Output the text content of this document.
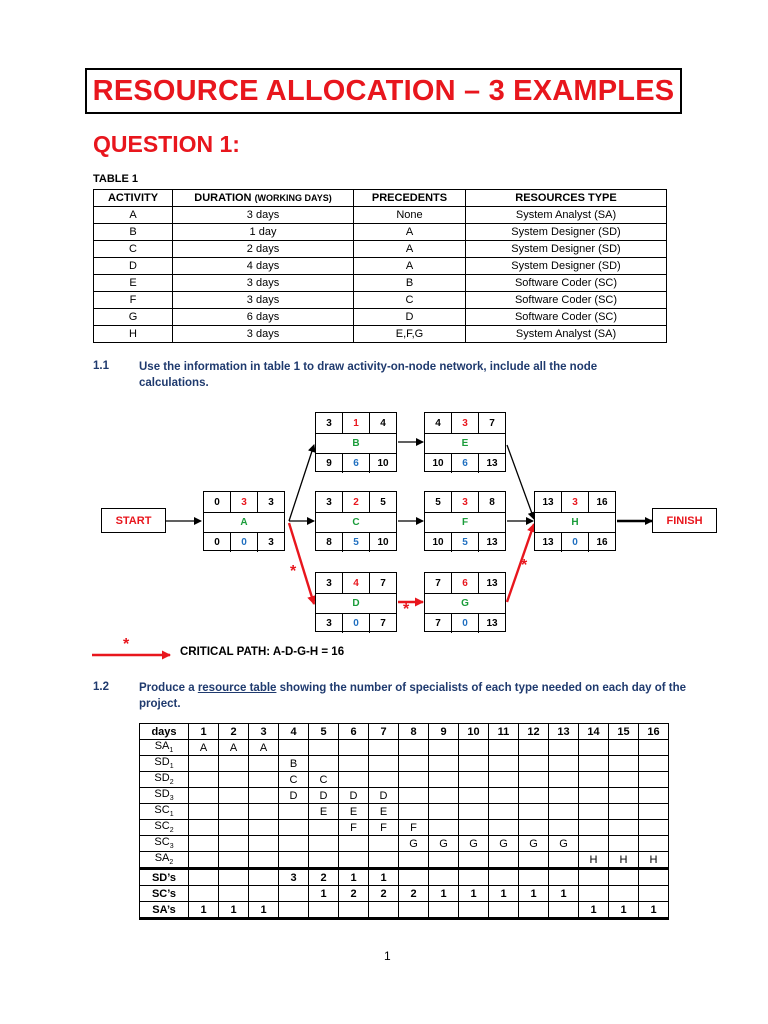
RESOURCE ALLOCATION – 3 EXAMPLES
QUESTION 1:
TABLE 1
ACTIVITY	DURATION (WORKING DAYS)	PRECEDENTS	RESOURCES TYPE
A	3 days	None	System Analyst (SA)
B	1 day	A	System Designer (SD)
C	2 days	A	System Designer (SD)
D	4 days	A	System Designer (SD)
E	3 days	B	Software Coder (SC)
F	3 days	C	Software Coder (SC)
G	6 days	D	Software Coder (SC)
H	3 days	E,F,G	System Analyst (SA)
1.1	Use the information in table 1 to draw activity-on-node network, include all the node calculations.
*
*
*
*
START	FINISH
0	3	3
A
0	0	3
3	1	4
B
9	6	10
3	2	5
C
8	5	10
3	4	7
D
3	0	7
4	3	7
E
10	6	13
5	3	8
F
10	5	13
7	6	13
G
7	0	13
13	3	16
H
13	0	16
CRITICAL PATH: A-D-G-H = 16
1.2	Produce a resource table showing the number of specialists of each type needed on each day of the project.
days	1	2	3	4	5	6	7	8	9	10	11	12	13	14	15	16
$SA_1$	A	A	A													
$SD_1$				B												
$SD_2$				C	C											
$SD_3$				D	D	D	D									
$SC_1$					E	E	E									
$SC_2$						F	F	F								
$SC_3$								G	G	G	G	G	G			
$SA_2$														H	H	H
SD’s				3	2	1	1									
SC’s					1	2	2	2	1	1	1	1	1			
SA’s	1	1	1											1	1	1
1
